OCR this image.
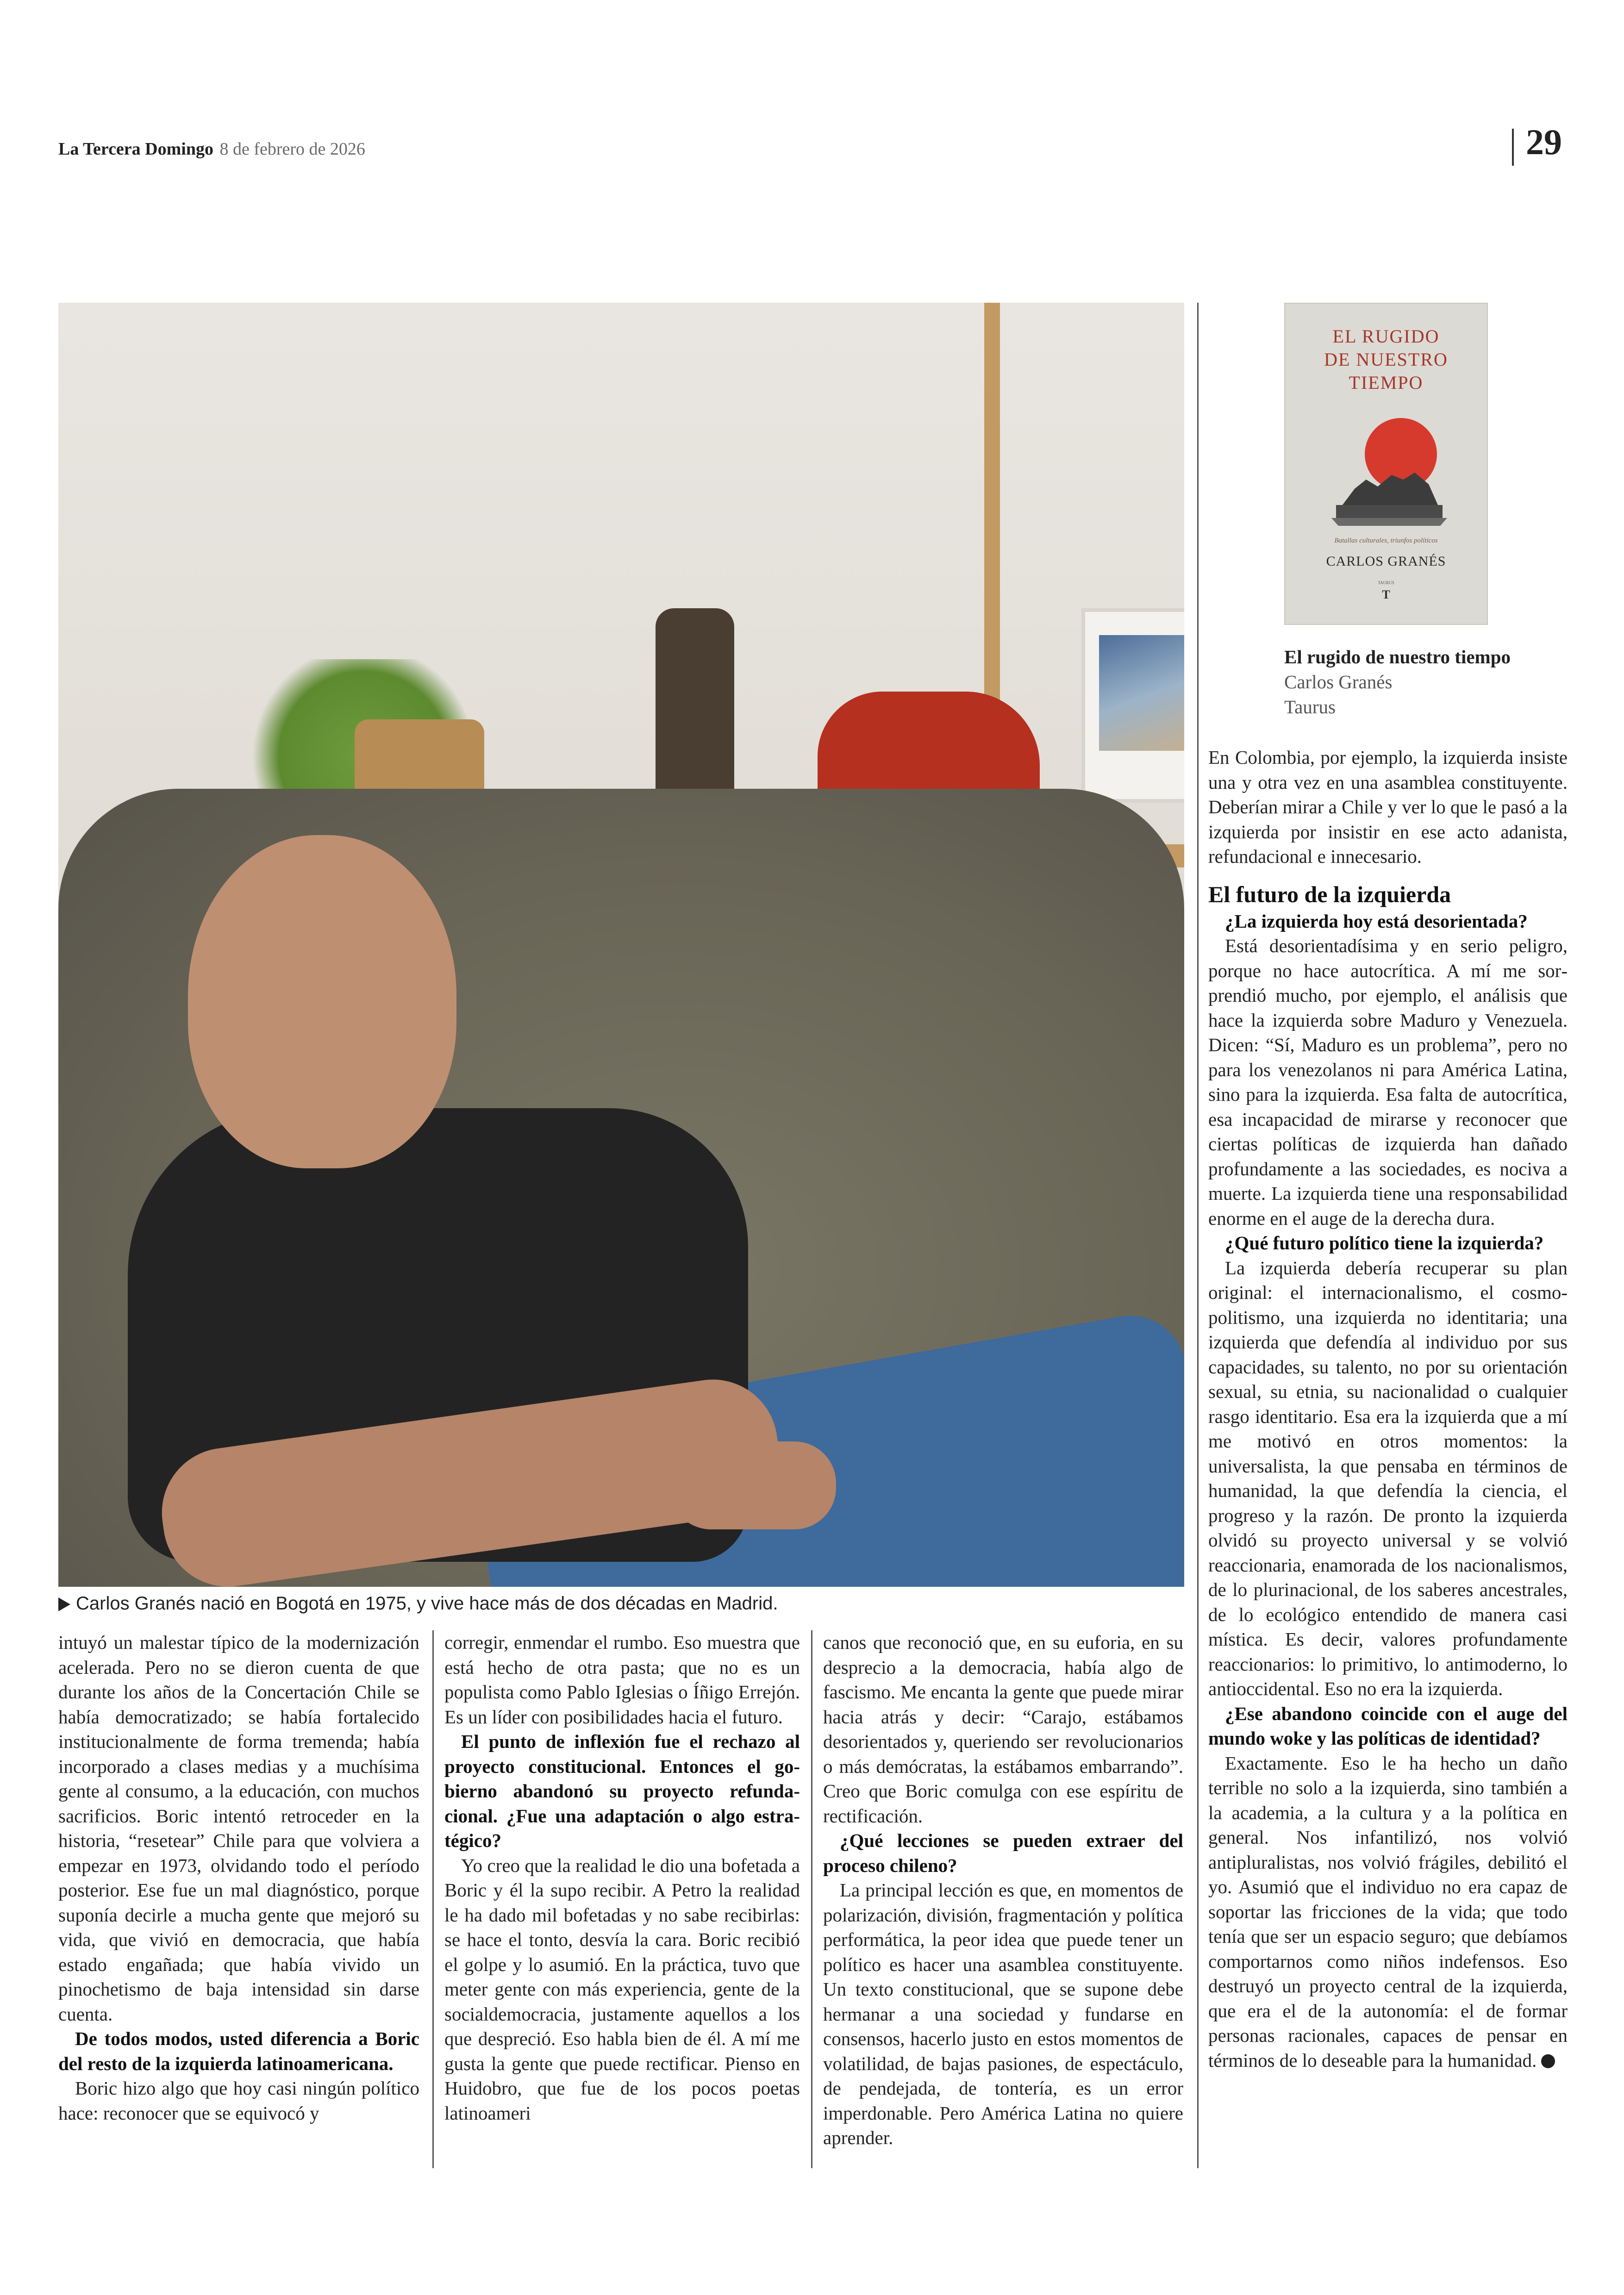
La Tercera Domingo 8 de febrero de 2026	29
Carlos Granés nació en Bogotá en 1975, y vive hace más de dos décadas en Madrid.
EL RUGIDO
DE NUESTRO
TIEMPO
Batallas culturales, triunfos políticos
CARLOS GRANÉS
TAURUS
T
El rugido de nuestro tiempo
Carlos Granés
Taurus

intuyó un malestar típico de la modernización acelerada. Pero no se dieron cuenta de que durante los años de la Concertación Chile se había democratizado; se había fortalecido institucionalmente de forma tremenda; había incorporado a clases medias y a muchísima gente al consumo, a la educación, con muchos sacrificios. Boric intentó retroceder en la historia, “resetear” Chile para que volviera a empezar en 1973, olvidando todo el período posterior. Ese fue un mal diagnóstico, porque suponía decirle a mucha gente que mejoró su vida, que vivió en democracia, que había estado engañada; que había vivido un pinochetismo de baja intensidad sin darse cuenta.

De todos modos, usted diferencia a Boric del resto de la izquierda latinoamericana.

Boric hizo algo que hoy casi ningún político hace: reconocer que se equivocó y

corregir, enmendar el rumbo. Eso muestra que está hecho de otra pasta; que no es un populista como Pablo Iglesias o Íñigo Errejón. Es un líder con posibilidades hacia el futuro.

El punto de inflexión fue el rechazo al proyecto constitucional. Entonces el gobierno abandonó su proyecto refundacional. ¿Fue una adaptación o algo estratégico?

Yo creo que la realidad le dio una bofetada a Boric y él la supo recibir. A Petro la realidad le ha dado mil bofetadas y no sabe recibirlas: se hace el tonto, desvía la cara. Boric recibió el golpe y lo asumió. En la práctica, tuvo que meter gente con más experiencia, gente de la socialdemocracia, justamente aquellos a los que despreció. Eso habla bien de él. A mí me gusta la gente que puede rectificar. Pienso en Huidobro, que fue de los pocos poetas latinoameri

canos que reconoció que, en su euforia, en su desprecio a la democracia, había algo de fascismo. Me encanta la gente que puede mirar hacia atrás y decir: “Carajo, estábamos desorientados y, queriendo ser revolucionarios o más demócratas, la estábamos embarrando”. Creo que Boric comulga con ese espíritu de rectificación.

¿Qué lecciones se pueden extraer del proceso chileno?

La principal lección es que, en momentos de polarización, división, fragmentación y política performática, la peor idea que puede tener un político es hacer una asamblea constituyente. Un texto constitucional, que se supone debe hermanar a una sociedad y fundarse en consensos, hacerlo justo en estos momentos de volatilidad, de bajas pasiones, de espectáculo, de pendejada, de tontería, es un error imperdonable. Pero América Latina no quiere aprender.

En Colombia, por ejemplo, la izquierda insiste una y otra vez en una asamblea constituyente. Deberían mirar a Chile y ver lo que le pasó a la izquierda por insistir en ese acto adanista, refundacional e innecesario.

El futuro de la izquierda

¿La izquierda hoy está desorientada?

Está desorientadísima y en serio peligro, porque no hace autocrítica. A mí me sorprendió mucho, por ejemplo, el análisis que hace la izquierda sobre Maduro y Venezuela. Dicen: “Sí, Maduro es un problema”, pero no para los venezolanos ni para América Latina, sino para la izquierda. Esa falta de autocrítica, esa incapacidad de mirarse y reconocer que ciertas políticas de izquierda han dañado profundamente a las sociedades, es nociva a muerte. La izquierda tiene una responsabilidad enorme en el auge de la derecha dura.

¿Qué futuro político tiene la izquierda?

La izquierda debería recuperar su plan original: el internacionalismo, el cosmopolitismo, una izquierda no identitaria; una izquierda que defendía al individuo por sus capacidades, su talento, no por su orientación sexual, su etnia, su nacionalidad o cualquier rasgo identitario. Esa era la izquierda que a mí me motivó en otros momentos: la universalista, la que pensaba en términos de humanidad, la que defendía la ciencia, el progreso y la razón. De pronto la izquierda olvidó su proyecto universal y se volvió reaccionaria, enamorada de los nacionalismos, de lo plurinacional, de los saberes ancestrales, de lo ecológico entendido de manera casi mística. Es decir, valores profundamente reaccionarios: lo primitivo, lo antimoderno, lo antioccidental. Eso no era la izquierda.

¿Ese abandono coincide con el auge del mundo woke y las políticas de identidad?

Exactamente. Eso le ha hecho un daño terrible no solo a la izquierda, sino también a la academia, a la cultura y a la política en general. Nos infantilizó, nos volvió antipluralistas, nos volvió frágiles, debilitó el yo. Asumió que el individuo no era capaz de soportar las fricciones de la vida; que todo tenía que ser un espacio seguro; que debíamos comportarnos como niños indefensos. Eso destruyó un proyecto central de la izquierda, que era el de la autonomía: el de formar personas racionales, capaces de pensar en términos de lo deseable para la humanidad.
